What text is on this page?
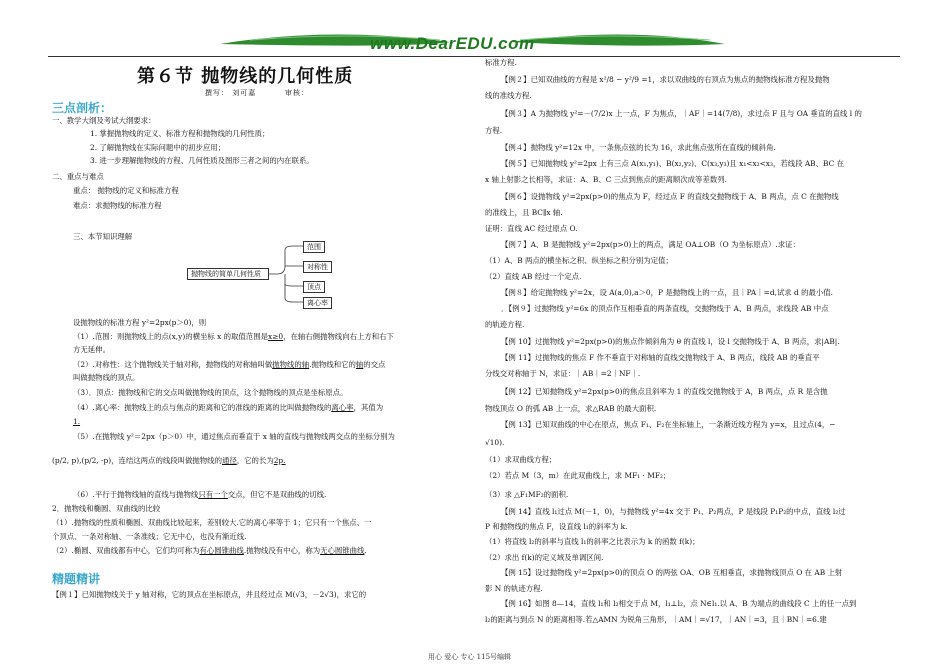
www.DearEDU.com
第６节 抛物线的几何性质
撰写： 刘可嘉	审核：
三点剖析：
一、教学大纲及考试大纲要求：
1. 掌握抛物线的定义、标准方程和抛物线的几何性质；
2. 了解抛物线在实际问题中的初步应用；
3. 进一步理解抛物线的方程、几何性质及图形三者之间的内在联系。
二、重点与难点
重点： 抛物线的定义和标准方程
难点：求抛物线的标准方程
三、本节知识理解
抛物线的简单几何性质
范围
对称性
顶点
离心率
设抛物线的标准方程 y²=2px(p＞0)，则
（1）.范围：则抛物线上的点(x,y)的横坐标 x 的取值范围是x≥0，在轴右侧抛物线向右上方和右下
方无延伸。
（2）.对称性：这个抛物线关于轴对称，抛物线的对称轴叫做抛物线的轴.抛物线和它的轴的交点
叫做抛物线的顶点。
（3）．顶点：抛物线和它的交点叫做抛物线的顶点，这个抛物线的顶点是坐标原点。
（4）.离心率：抛物线上的点与焦点的距离和它的准线的距离的比叫做抛物线的离心率，其值为
1.
（5）.在抛物线 y²＝2px（p＞0）中，通过焦点而垂直于 x 轴的直线与抛物线两交点的坐标分别为
(p/2, p),(p/2, -p)，连结这两点的线段叫做抛物线的通径，它的长为2p.
（6）.平行于抛物线轴的直线与抛物线只有一个交点，但它不是双曲线的切线.
2．抛物线和椭圆、双曲线的比较
（1）.抛物线的性质和椭圆、双曲线比较起来，差别较大.它的离心率等于 1；它只有一个焦点、一
个顶点、一条对称轴、一条准线；它无中心，也没有渐近线.
（2）.椭圆、双曲线都有中心，它们均可称为有心圆锥曲线.抛物线没有中心，称为无心圆锥曲线.
精题精讲
【例１】已知抛物线关于 y 轴对称，它的顶点在坐标原点，并且经过点 M(√3，－2√3)，求它的
标准方程.
【例２】已知双曲线的方程是 x²/8 − y²/9 =1，求以双曲线的右顶点为焦点的抛物线标准方程及抛物
线的准线方程.
【例３】A 为抛物线 y²=－(7/2)x 上一点，F 为焦点，｜AF｜=14(7/8)，求过点 F 且与 OA 垂直的直线 l 的
方程.
【例４】抛物线 y²=12x 中，一条焦点弦的长为 16，求此焦点弦所在直线的倾斜角.
【例５】已知抛物线 y²=2px 上有三点 A(x₁,y₁)、B(x₂,y₂)、C(x₃,y₃)且 x₁<x₂<x₃，若线段 AB、BC 在
x 轴上射影之长相等，求证：A、B、C 三点到焦点的距离顺次成等差数列.
【例６】设抛物线 y²=2px(p>0)的焦点为 F，经过点 F 的直线交抛物线于 A、B 两点，点 C 在抛物线
的准线上，且 BC∥x 轴.
证明：直线 AC 经过原点 O.
【例７】A、B 是抛物线 y²=2px(p>0)上的两点，满足 OA⊥OB（O 为坐标原点）.求证：
（1）A、B 两点的横坐标之积、纵坐标之积分别为定值；
（2）直线 AB 经过一个定点.
【例８】给定抛物线 y²=2x，设 A(a,0),a＞0，P 是抛物线上的一点，且｜PA｜=d,试求 d 的最小值.
．【例９】过抛物线 y²=6x 的顶点作互相垂直的两条直线，交抛物线于 A、B 两点，求线段 AB 中点
的轨迹方程.
【例 10】过抛物线 y²=2px(p>0)的焦点作倾斜角为 θ 的直线 l，设 l 交抛物线于 A、B 两点，求|AB|.
【例 11】过抛物线的焦点 F 作不垂直于对称轴的直线交抛物线于 A、B 两点，线段 AB 的垂直平
分线交对称轴于 N，求证：｜AB｜=2｜NF｜.
【例 12】已知抛物线 y²=2px(p>0)的焦点且斜率为 1 的直线交抛物线于 A，B 两点，点 R 是含抛
物线顶点 O 的弧 AB 上一点，求△RAB 的最大面积.
【例 13】已知双曲线的中心在原点，焦点 F₁、F₂在坐标轴上，一条渐近线方程为 y=x，且过点(4，−
√10).
（1）求双曲线方程；
（2）若点 M（3，m）在此双曲线上，求 MF₁ · MF₂；
（3）求 △F₁MF₂的面积.
【例 14】直线 l₁过点 M(－1，0)，与抛物线 y²=4x 交于 P₁、P₂两点，P 是线段 P₁P₂的中点，直线 l₂过
P 和抛物线的焦点 F，设直线 l₁的斜率为 k.
（1）将直线 l₂的斜率与直线 l₁的斜率之比表示为 k 的函数 f(k)；
（2）求出 f(k)的定义域及单调区间.
【例 15】设过抛物线 y²=2px(p>0)的顶点 O 的两弦 OA、OB 互相垂直，求抛物线顶点 O 在 AB 上射
影 N 的轨迹方程.
【例 16】如图 8—14，直线 l₁和 l₂相交于点 M，l₁⊥l₂，点 N∈l₁.以 A、B 为端点的曲线段 C 上的任一点到
l₂的距离与到点 N 的距离相等.若△AMN 为锐角三角形，｜AM｜=√17，｜AN｜=3，且｜BN｜=6.建
用心 爱心 专心 115号编辑
